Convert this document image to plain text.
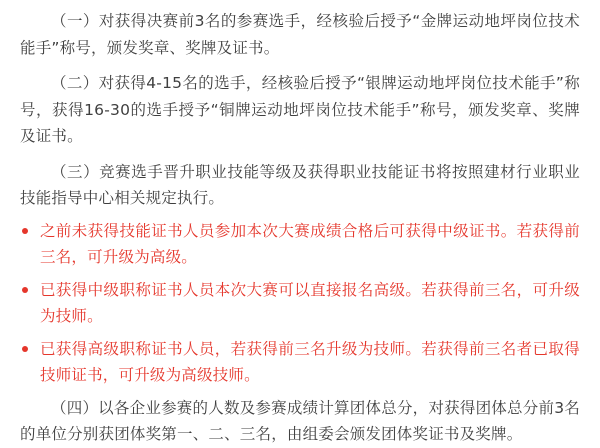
（一）对获得决赛前3名的参赛选手，经核验后授予“金牌运动地坪岗位技术能手”称号，颁发奖章、奖牌及证书。

（二）对获得4-15名的选手，经核验后授予“银牌运动地坪岗位技术能手”称号，获得16-30的选手授予“铜牌运动地坪岗位技术能手”称号，颁发奖章、奖牌及证书。

（三）竞赛选手晋升职业技能等级及获得职业技能证书将按照建材行业职业技能指导中心相关规定执行。

之前未获得技能证书人员参加本次大赛成绩合格后可获得中级证书。若获得前三名，可升级为高级。
已获得中级职称证书人员本次大赛可以直接报名高级。若获得前三名，可升级为技师。
已获得高级职称证书人员，若获得前三名升级为技师。若获得前三名者已取得技师证书，可升级为高级技师。

（四）以各企业参赛的人数及参赛成绩计算团体总分，对获得团体总分前3名的单位分别获团体奖第一、二、三名，由组委会颁发团体奖证书及奖牌。
